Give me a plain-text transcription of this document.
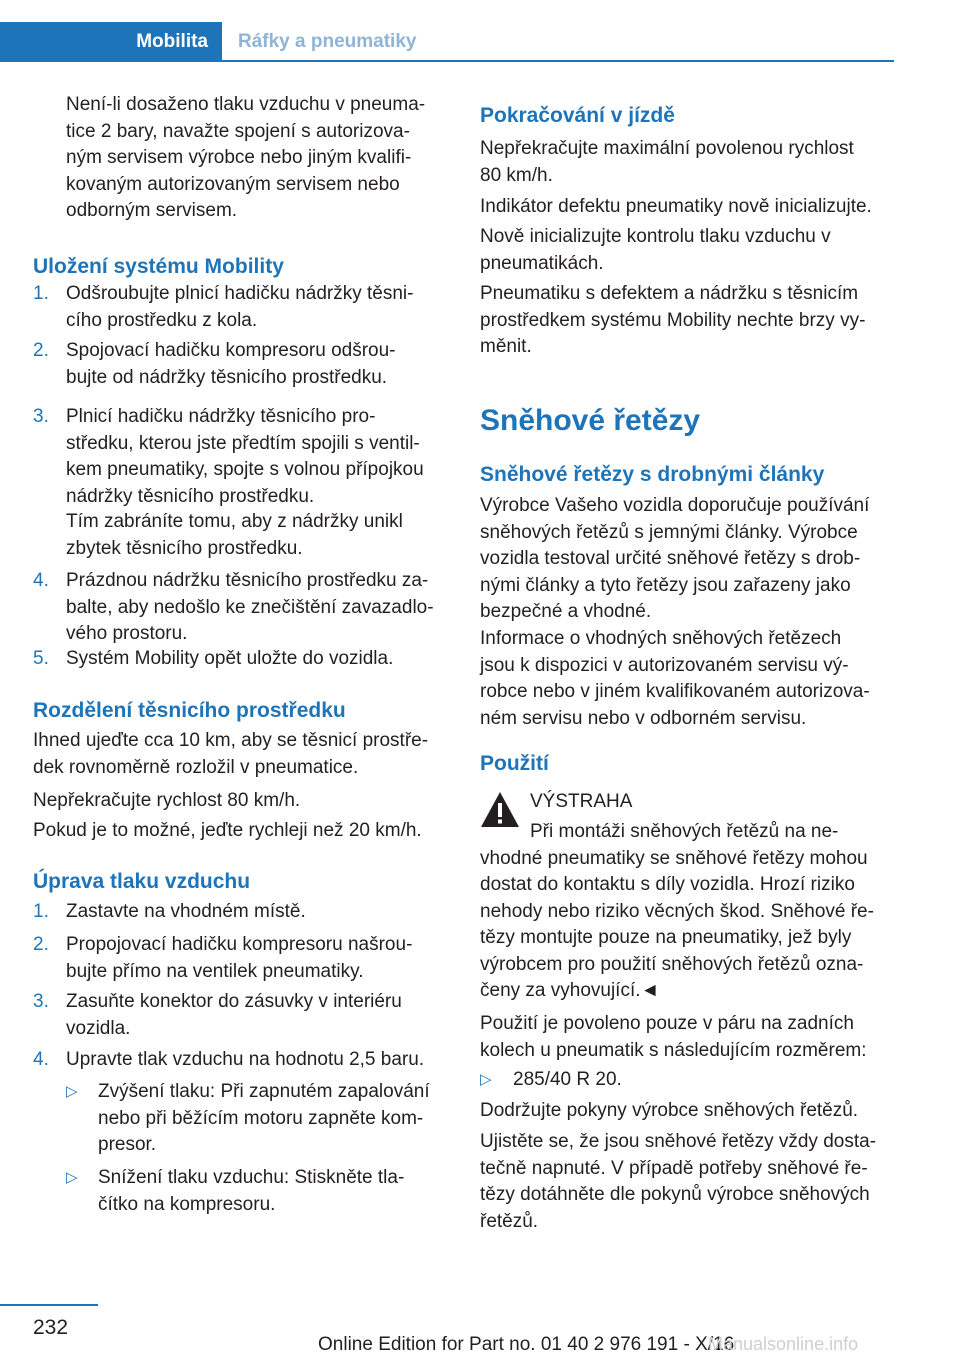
Mobilita Ráfky a pneumatiky
Není-li dosaženo tlaku vzduchu v pneuma‐
tice 2 bary, navažte spojení s autorizova‐
ným servisem výrobce nebo jiným kvalifi‐
kovaným autorizovaným servisem nebo
odborným servisem.
Uložení systému Mobility
1. Odšroubujte plnicí hadičku nádržky těsni‐
cího prostředku z kola.
2. Spojovací hadičku kompresoru odšrou‐
bujte od nádržky těsnicího prostředku.
3. Plnicí hadičku nádržky těsnicího pro‐
středku, kterou jste předtím spojili s ventil‐
kem pneumatiky, spojte s volnou přípojkou
nádržky těsnicího prostředku.
Tím zabráníte tomu, aby z nádržky unikl
zbytek těsnicího prostředku.
4. Prázdnou nádržku těsnicího prostředku za‐
balte, aby nedošlo ke znečištění zavazadlo‐
vého prostoru.
5. Systém Mobility opět uložte do vozidla.
Rozdělení těsnicího prostředku
Ihned ujeďte cca 10 km, aby se těsnicí prostře‐
dek rovnoměrně rozložil v pneumatice.
Nepřekračujte rychlost 80 km/h.
Pokud je to možné, jeďte rychleji než 20 km/h.
Úprava tlaku vzduchu
1. Zastavte na vhodném místě.
2. Propojovací hadičku kompresoru našrou‐
bujte přímo na ventilek pneumatiky.
3. Zasuňte konektor do zásuvky v interiéru
vozidla.
4. Upravte tlak vzduchu na hodnotu 2,5 baru.
▷ Zvýšení tlaku: Při zapnutém zapalování
nebo při běžícím motoru zapněte kom‐
presor.
▷ Snížení tlaku vzduchu: Stiskněte tla‐
čítko na kompresoru.
Pokračování v jízdě
Nepřekračujte maximální povolenou rychlost
80 km/h.
Indikátor defektu pneumatiky nově inicializujte.
Nově inicializujte kontrolu tlaku vzduchu v
pneumatikách.
Pneumatiku s defektem a nádržku s těsnicím
prostředkem systému Mobility nechte brzy vy‐
měnit.
Sněhové řetězy
Sněhové řetězy s drobnými články
Výrobce Vašeho vozidla doporučuje používání
sněhových řetězů s jemnými články. Výrobce
vozidla testoval určité sněhové řetězy s drob‐
nými články a tyto řetězy jsou zařazeny jako
bezpečné a vhodné.
Informace o vhodných sněhových řetězech
jsou k dispozici v autorizovaném servisu vý‐
robce nebo v jiném kvalifikovaném autorizova‐
ném servisu nebo v odborném servisu.
Použití
VÝSTRAHA
Při montáži sněhových řetězů na ne‐
vhodné pneumatiky se sněhové řetězy mohou
dostat do kontaktu s díly vozidla. Hrozí riziko
nehody nebo riziko věcných škod. Sněhové ře‐
tězy montujte pouze na pneumatiky, jež byly
výrobcem pro použití sněhových řetězů ozna‐
čeny za vyhovující.◄
Použití je povoleno pouze v páru na zadních
kolech u pneumatik s následujícím rozměrem:
▷ 285/40 R 20.
Dodržujte pokyny výrobce sněhových řetězů.
Ujistěte se, že jsou sněhové řetězy vždy dosta‐
tečně napnuté. V případě potřeby sněhové ře‐
tězy dotáhněte dle pokynů výrobce sněhových
řetězů.
232
Online Edition for Part no. 01 40 2 976 191 - X/16
Manualsonline.info
